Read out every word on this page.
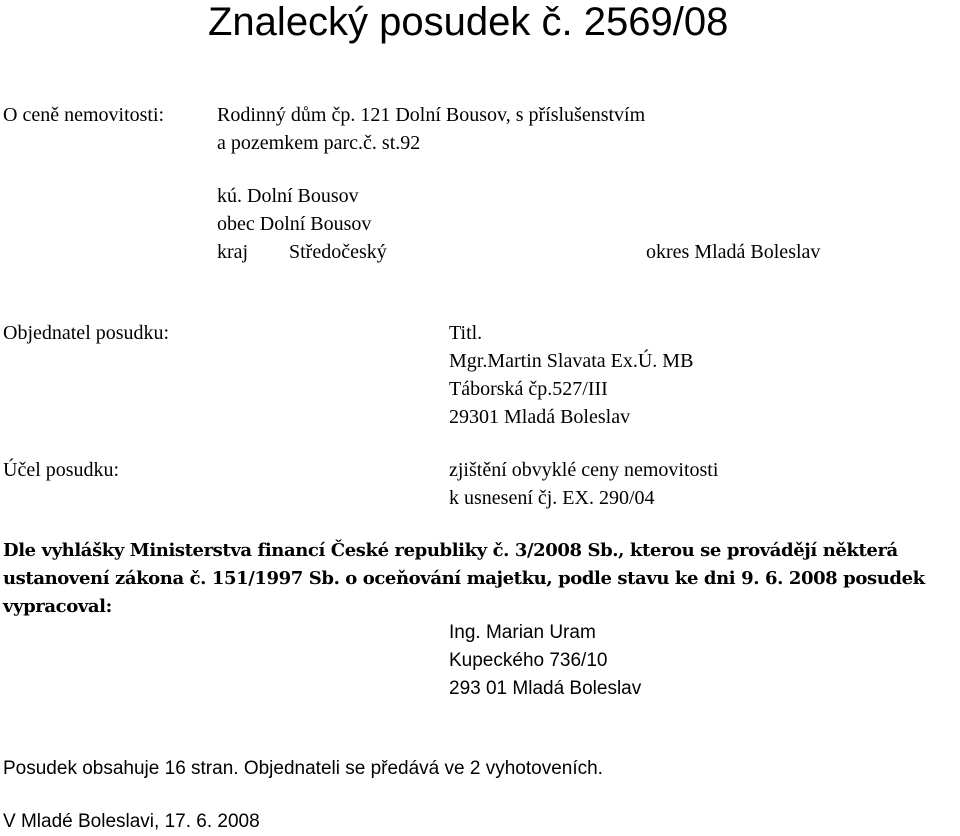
Znalecký posudek č. 2569/08
O ceně nemovitosti:	Rodinný dům čp. 121 Dolní Bousov, s příslušenstvím
a pozemkem parc.č. st.92
kú. Dolní Bousov
obec Dolní Bousov
kraj Středočeský	okres Mladá Boleslav
Objednatel posudku:	Titl.
Mgr.Martin Slavata Ex.Ú. MB
Táborská čp.527/III
29301 Mladá Boleslav
Účel posudku:	zjištění obvyklé ceny nemovitosti
k usnesení čj. EX. 290/04
Dle vyhlášky Ministerstva financí České republiky č. 3/2008 Sb., kterou se provádějí některá
ustanovení zákona č. 151/1997 Sb. o oceňování majetku, podle stavu ke dni 9. 6. 2008 posudek
vypracoval:
Ing. Marian Uram
Kupeckého 736/10
293 01 Mladá Boleslav
Posudek obsahuje 16 stran. Objednateli se předává ve 2 vyhotoveních.
V Mladé Boleslavi, 17. 6. 2008
